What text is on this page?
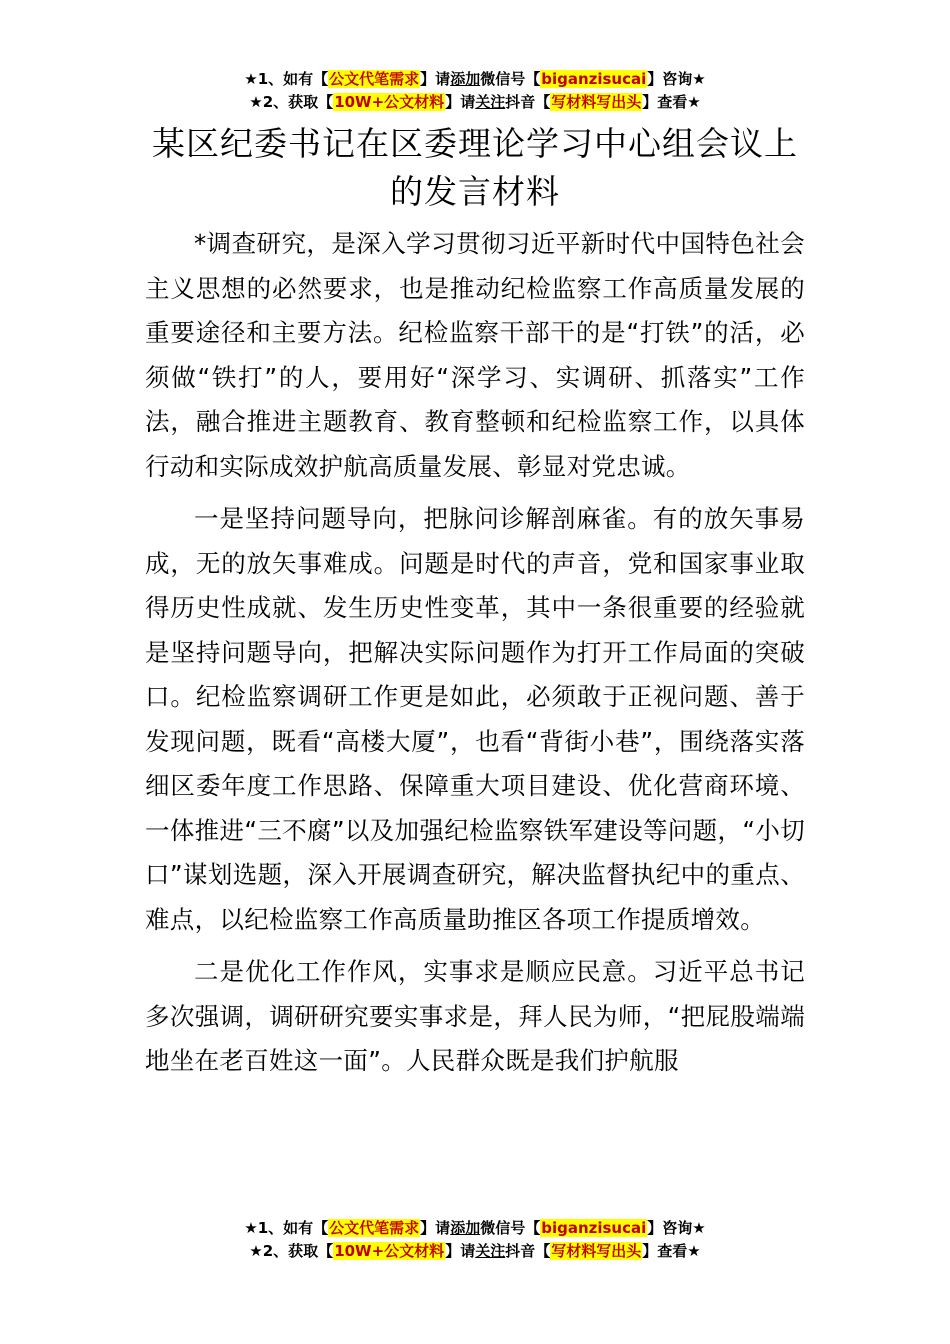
★1、如有【公文代笔需求】请添加微信号【biganzisucai】咨询★
★2、获取【10W+公文材料】请关注抖音【写材料写出头】查看★
某区纪委书记在区委理论学习中心组会议上的发言材料

*调查研究，是深入学习贯彻习近平新时代中国特色社会主义思想的必然要求，也是推动纪检监察工作高质量发展的重要途径和主要方法。纪检监察干部干的是“打铁”的活，必须做“铁打”的人，要用好“深学习、实调研、抓落实”工作法，融合推进主题教育、教育整顿和纪检监察工作，以具体行动和实际成效护航高质量发展、彰显对党忠诚。

一是坚持问题导向，把脉问诊解剖麻雀。有的放矢事易成，无的放矢事难成。问题是时代的声音，党和国家事业取得历史性成就、发生历史性变革，其中一条很重要的经验就是坚持问题导向，把解决实际问题作为打开工作局面的突破口。纪检监察调研工作更是如此，必须敢于正视问题、善于发现问题，既看“高楼大厦”，也看“背街小巷”，围绕落实落细区委年度工作思路、保障重大项目建设、优化营商环境、一体推进“三不腐”以及加强纪检监察铁军建设等问题，“小切口”谋划选题，深入开展调查研究，解决监督执纪中的重点、难点，以纪检监察工作高质量助推区各项工作提质增效。

二是优化工作作风，实事求是顺应民意。习近平总书记多次强调，调研研究要实事求是，拜人民为师，“把屁股端端地坐在老百姓这一面”。人民群众既是我们护航服

★1、如有【公文代笔需求】请添加微信号【biganzisucai】咨询★
★2、获取【10W+公文材料】请关注抖音【写材料写出头】查看★
